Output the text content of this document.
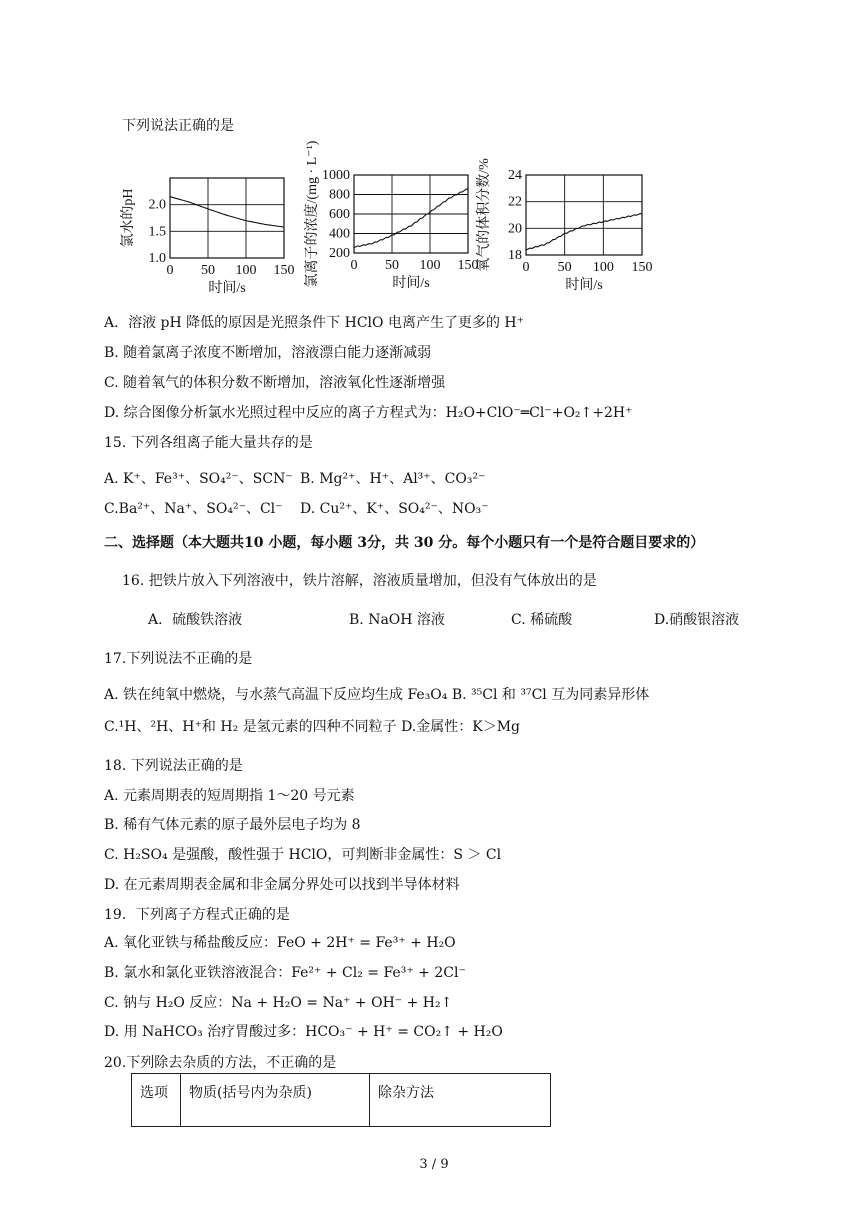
下列说法正确的是
1.0
1.5
2.0
0 50 100 150
时间/s
氯水的pH
200
400
600
800
1000
0 50 100 150
时间/s
氯离子的浓度/(mg · L⁻¹)	18
20
22
24
0 50 100 150
时间/s
氧气的体积分数/%
A．溶液 pH 降低的原因是光照条件下 HClO 电离产生了更多的 H⁺
B. 随着氯离子浓度不断增加，溶液漂白能力逐渐减弱
C. 随着氧气的体积分数不断增加，溶液氧化性逐渐增强
D. 综合图像分析氯水光照过程中反应的离子方程式为：H₂O+ClO⁻═Cl⁻+O₂↑+2H⁺
15. 下列各组离子能大量共存的是
A. K⁺、Fe³⁺、SO₄²⁻、SCN⁻ B. Mg²⁺、H⁺、Al³⁺、CO₃²⁻
C.Ba²⁺、Na⁺、SO₄²⁻、Cl⁻ D. Cu²⁺、K⁺、SO₄²⁻、NO₃⁻
二、选择题（本大题共10 小题，每小题 3分，共 30 分。每个小题只有一个是符合题目要求的）
16. 把铁片放入下列溶液中，铁片溶解，溶液质量增加，但没有气体放出的是
A．硫酸铁溶液	B. NaOH 溶液	C. 稀硫酸	D.硝酸银溶液
17.下列说法不正确的是
A. 铁在纯氧中燃烧，与水蒸气高温下反应均生成 Fe₃O₄ B. ³⁵Cl 和 ³⁷Cl 互为同素异形体
C.¹H、²H、H⁺和 H₂ 是氢元素的四种不同粒子 D.金属性：K＞Mg
18. 下列说法正确的是
A. 元素周期表的短周期指 1～20 号元素
B. 稀有气体元素的原子最外层电子均为 8
C. H₂SO₄ 是强酸，酸性强于 HClO，可判断非金属性：S ＞ Cl
D. 在元素周期表金属和非金属分界处可以找到半导体材料
19．下列离子方程式正确的是
A. 氧化亚铁与稀盐酸反应：FeO + 2H⁺ = Fe³⁺ + H₂O
B. 氯水和氯化亚铁溶液混合：Fe²⁺ + Cl₂ = Fe³⁺ + 2Cl⁻
C. 钠与 H₂O 反应：Na + H₂O = Na⁺ + OH⁻ + H₂↑
D. 用 NaHCO₃ 治疗胃酸过多：HCO₃⁻ + H⁺ = CO₂↑ + H₂O
20.下列除去杂质的方法，不正确的是
选项	物质(括号内为杂质)	除杂方法
3 / 9
